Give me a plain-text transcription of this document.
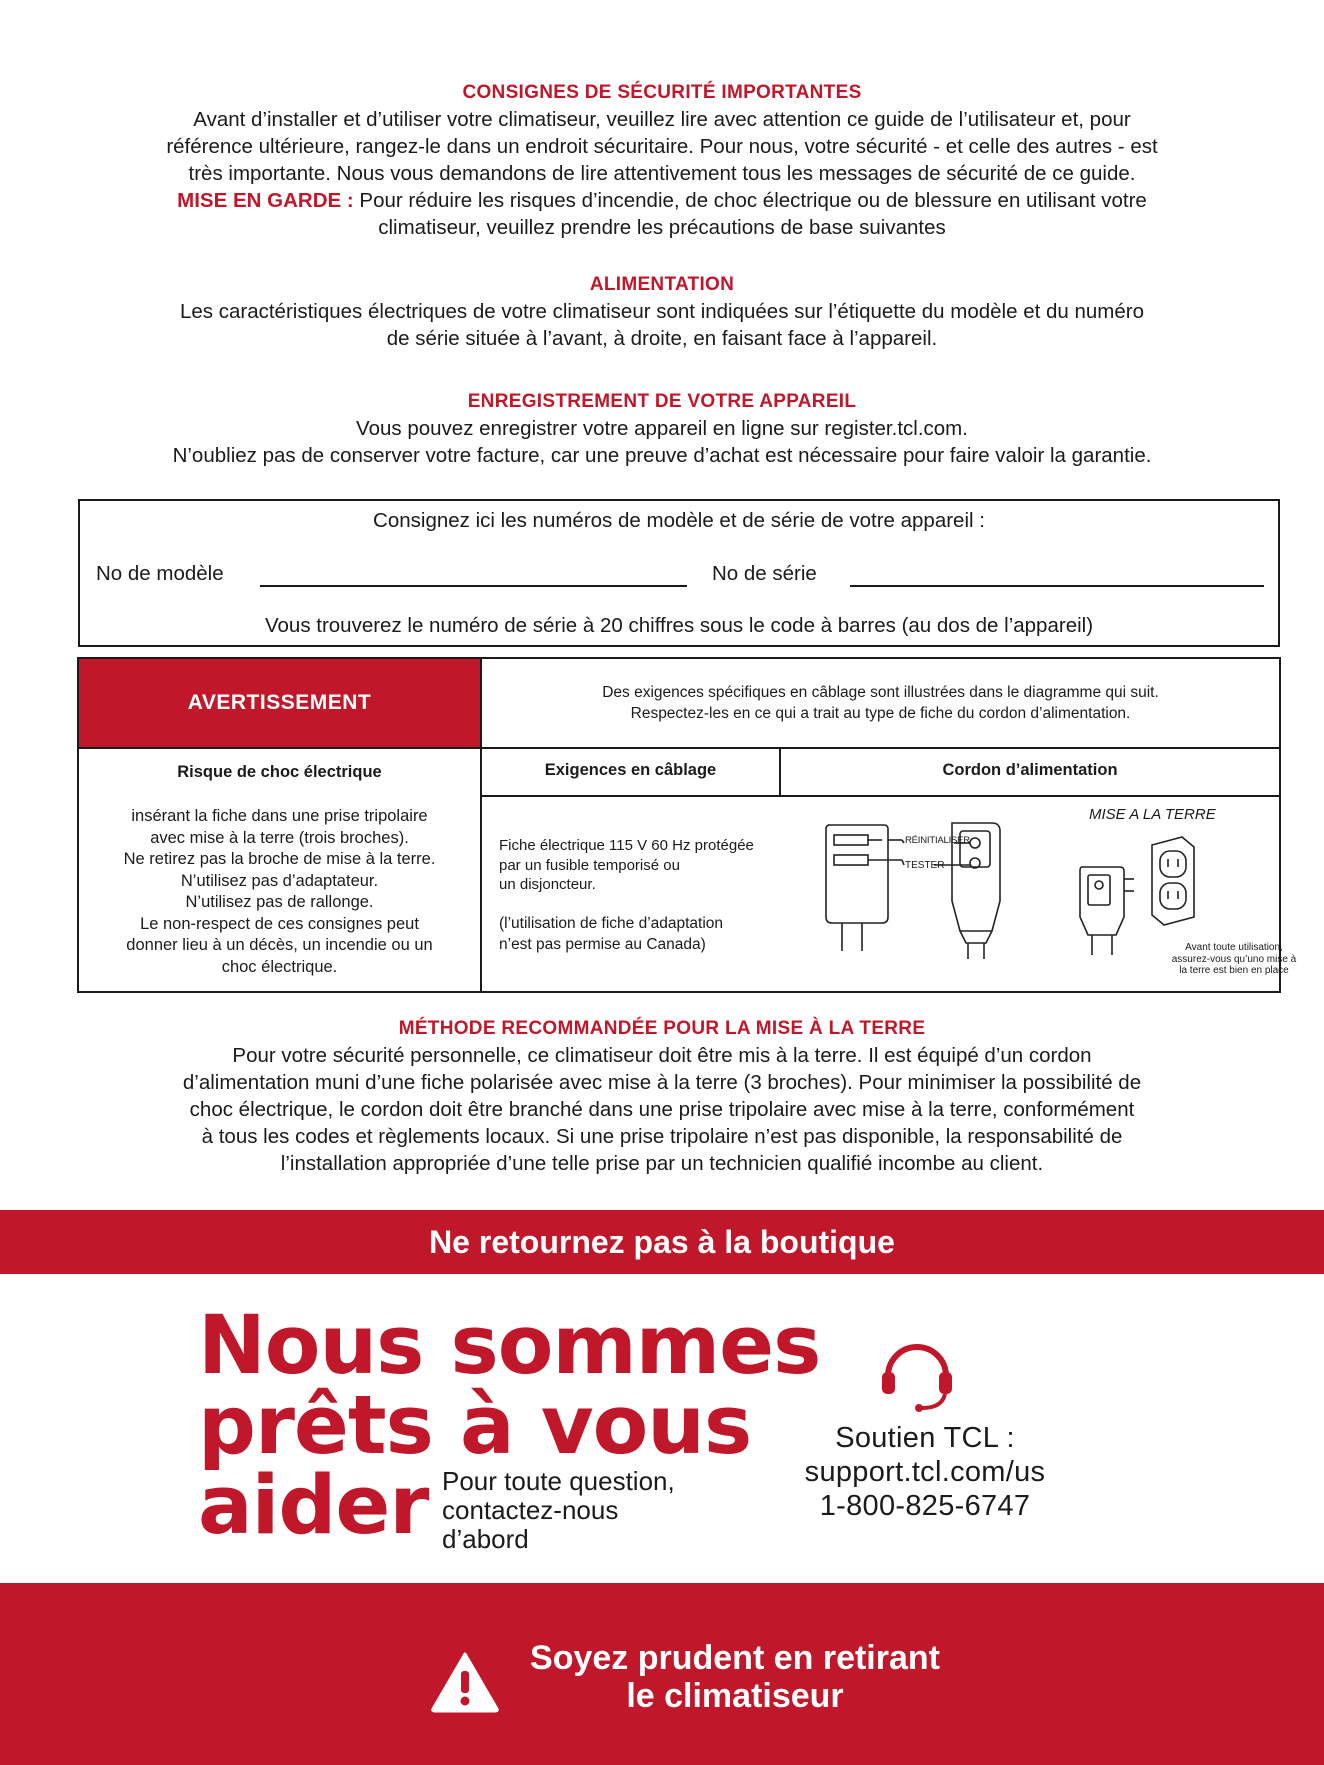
CONSIGNES DE SÉCURITÉ IMPORTANTES

Avant d’installer et d’utiliser votre climatiseur, veuillez lire avec attention ce guide de l’utilisateur et, pour

référence ultérieure, rangez-le dans un endroit sécuritaire. Pour nous, votre sécurité - et celle des autres - est

très importante. Nous vous demandons de lire attentivement tous les messages de sécurité de ce guide.

MISE EN GARDE : Pour réduire les risques d’incendie, de choc électrique ou de blessure en utilisant votre

climatiseur, veuillez prendre les précautions de base suivantes

ALIMENTATION

Les caractéristiques électriques de votre climatiseur sont indiquées sur l’étiquette du modèle et du numéro

de série située à l’avant, à droite, en faisant face à l’appareil.

ENREGISTREMENT DE VOTRE APPAREIL

Vous pouvez enregistrer votre appareil en ligne sur register.tcl.com.

N’oubliez pas de conserver votre facture, car une preuve d’achat est nécessaire pour faire valoir la garantie.

Consignez ici les numéros de modèle et de série de votre appareil :
No de modèle	No de série
Vous trouverez le numéro de série à 20 chiffres sous le code à barres (au dos de l’appareil)
AVERTISSEMENT	Des exigences spécifiques en câblage sont illustrées dans le diagramme qui suit.
Respectez-les en ce qui a trait au type de fiche du cordon d’alimentation.
Risque de choc électrique
insérant la fiche dans une prise tripolaire
avec mise à la terre (trois broches).
Ne retirez pas la broche de mise à la terre.
N’utilisez pas d’adaptateur.
N’utilisez pas de rallonge.
Le non-respect de ces consignes peut
donner lieu à un décès, un incendie ou un
choc électrique.
Exigences en câblage	Cordon d’alimentation
Fiche électrique 115 V 60 Hz protégée
par un fusible temporisé ou
un disjoncteur.
(l’utilisation de fiche d’adaptation
n’est pas permise au Canada)
RÉINITIALISER
TESTER
MISE A LA TERRE
Avant toute utilisation,
assurez-vous qu’uno mise à
la terre est bien en place
MÉTHODE RECOMMANDÉE POUR LA MISE À LA TERRE

Pour votre sécurité personnelle, ce climatiseur doit être mis à la terre. Il est équipé d’un cordon

d’alimentation muni d’une fiche polarisée avec mise à la terre (3 broches). Pour minimiser la possibilité de

choc électrique, le cordon doit être branché dans une prise tripolaire avec mise à la terre, conformément

à tous les codes et règlements locaux. Si une prise tripolaire n’est pas disponible, la responsabilité de

l’installation appropriée d’une telle prise par un technicien qualifié incombe au client.

Ne retournez pas à la boutique
Nous sommes
prêts à vous
aider Pour toute question,
contactez-nous
d’abord
Soutien TCL :
support.tcl.com/us
1-800-825-6747
Soyez prudent en retirant
le climatiseur
